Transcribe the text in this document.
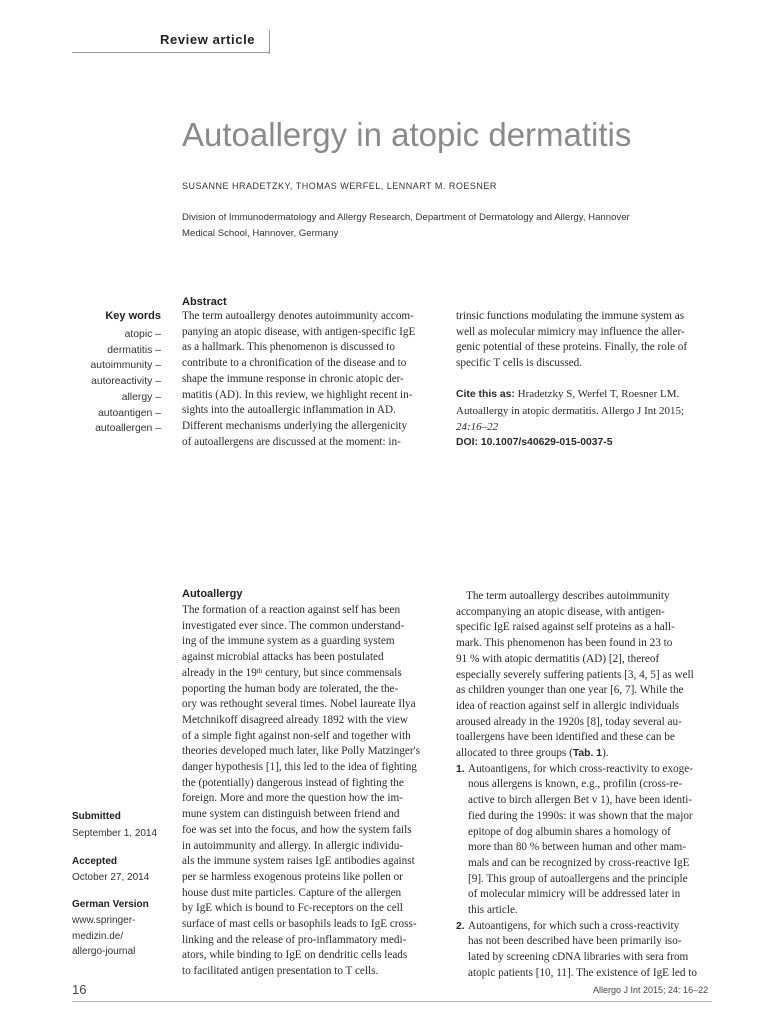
Review article
Autoallergy in atopic dermatitis
SUSANNE HRADETZKY, THOMAS WERFEL, LENNART M. ROESNER
Division of Immunodermatology and Allergy Research, Department of Dermatology and Allergy, Hannover
Medical School, Hannover, Germany
Key words
atopic –
dermatitis –
autoimmunity –
autoreactivity –
allergy –
autoantigen –
autoallergen –
Abstract
The term autoallergy denotes autoimmunity accom-
panying an atopic disease, with antigen-specific IgE
as a hallmark. This phenomenon is discussed to
contribute to a chronification of the disease and to
shape the immune response in chronic atopic der-
matitis (AD). In this review, we highlight recent in-
sights into the autoallergic inflammation in AD.
Different mechanisms underlying the allergenicity
of autoallergens are discussed at the moment: in-
trinsic functions modulating the immune system as
well as molecular mimicry may influence the aller-
genic potential of these proteins. Finally, the role of
specific T cells is discussed.
Cite this as: Hradetzky S, Werfel T, Roesner LM.
Autoallergy in atopic dermatitis. Allergo J Int 2015;
24:16–22
DOI: 10.1007/s40629-015-0037-5
Autoallergy
The formation of a reaction against self has been
investigated ever since. The common understand-
ing of the immune system as a guarding system
against microbial attacks has been postulated
already in the 19th century, but since commensals
poporting the human body are tolerated, the the-
ory was rethought several times. Nobel laureate Ilya
Metchnikoff disagreed already 1892 with the view
of a simple fight against non-self and together with
theories developed much later, like Polly Matzinger's
danger hypothesis [1], this led to the idea of fighting
the (potentially) dangerous instead of fighting the
foreign. More and more the question how the im-
mune system can distinguish between friend and
foe was set into the focus, and how the system fails
in autoimmunity and allergy. In allergic individu-
als the immune system raises IgE antibodies against
per se harmless exogenous proteins like pollen or
house dust mite particles. Capture of the allergen
by IgE which is bound to Fc-receptors on the cell
surface of mast cells or basophils leads to IgE cross-
linking and the release of pro-inflammatory medi-
ators, while binding to IgE on dendritic cells leads
to facilitated antigen presentation to T cells.
The term autoallergy describes autoimmunity
accompanying an atopic disease, with antigen-
specific IgE raised against self proteins as a hall-
mark. This phenomenon has been found in 23 to
91 % with atopic dermatitis (AD) [2], thereof
especially severely suffering patients [3, 4, 5] as well
as children younger than one year [6, 7]. While the
idea of reaction against self in allergic individuals
aroused already in the 1920s [8], today several au-
toallergens have been identified and these can be
allocated to three groups (Tab. 1).
1. Autoantigens, for which cross-reactivity to exoge-
nous allergens is known, e.g., profilin (cross-re-
active to birch allergen Bet v 1), have been identi-
fied during the 1990s: it was shown that the major
epitope of dog albumin shares a homology of
more than 80 % between human and other mam-
mals and can be recognized by cross-reactive IgE
[9]. This group of autoallergens and the principle
of molecular mimicry will be addressed later in
this article.
2. Autoantigens, for which such a cross-reactivity
has not been described have been primarily iso-
lated by screening cDNA libraries with sera from
atopic patients [10, 11]. The existence of IgE led to
Submitted
September 1, 2014
Accepted
October 27, 2014
German Version
www.springer-
medizin.de/
allergo-journal
16	Allergo J Int 2015; 24: 16–22
